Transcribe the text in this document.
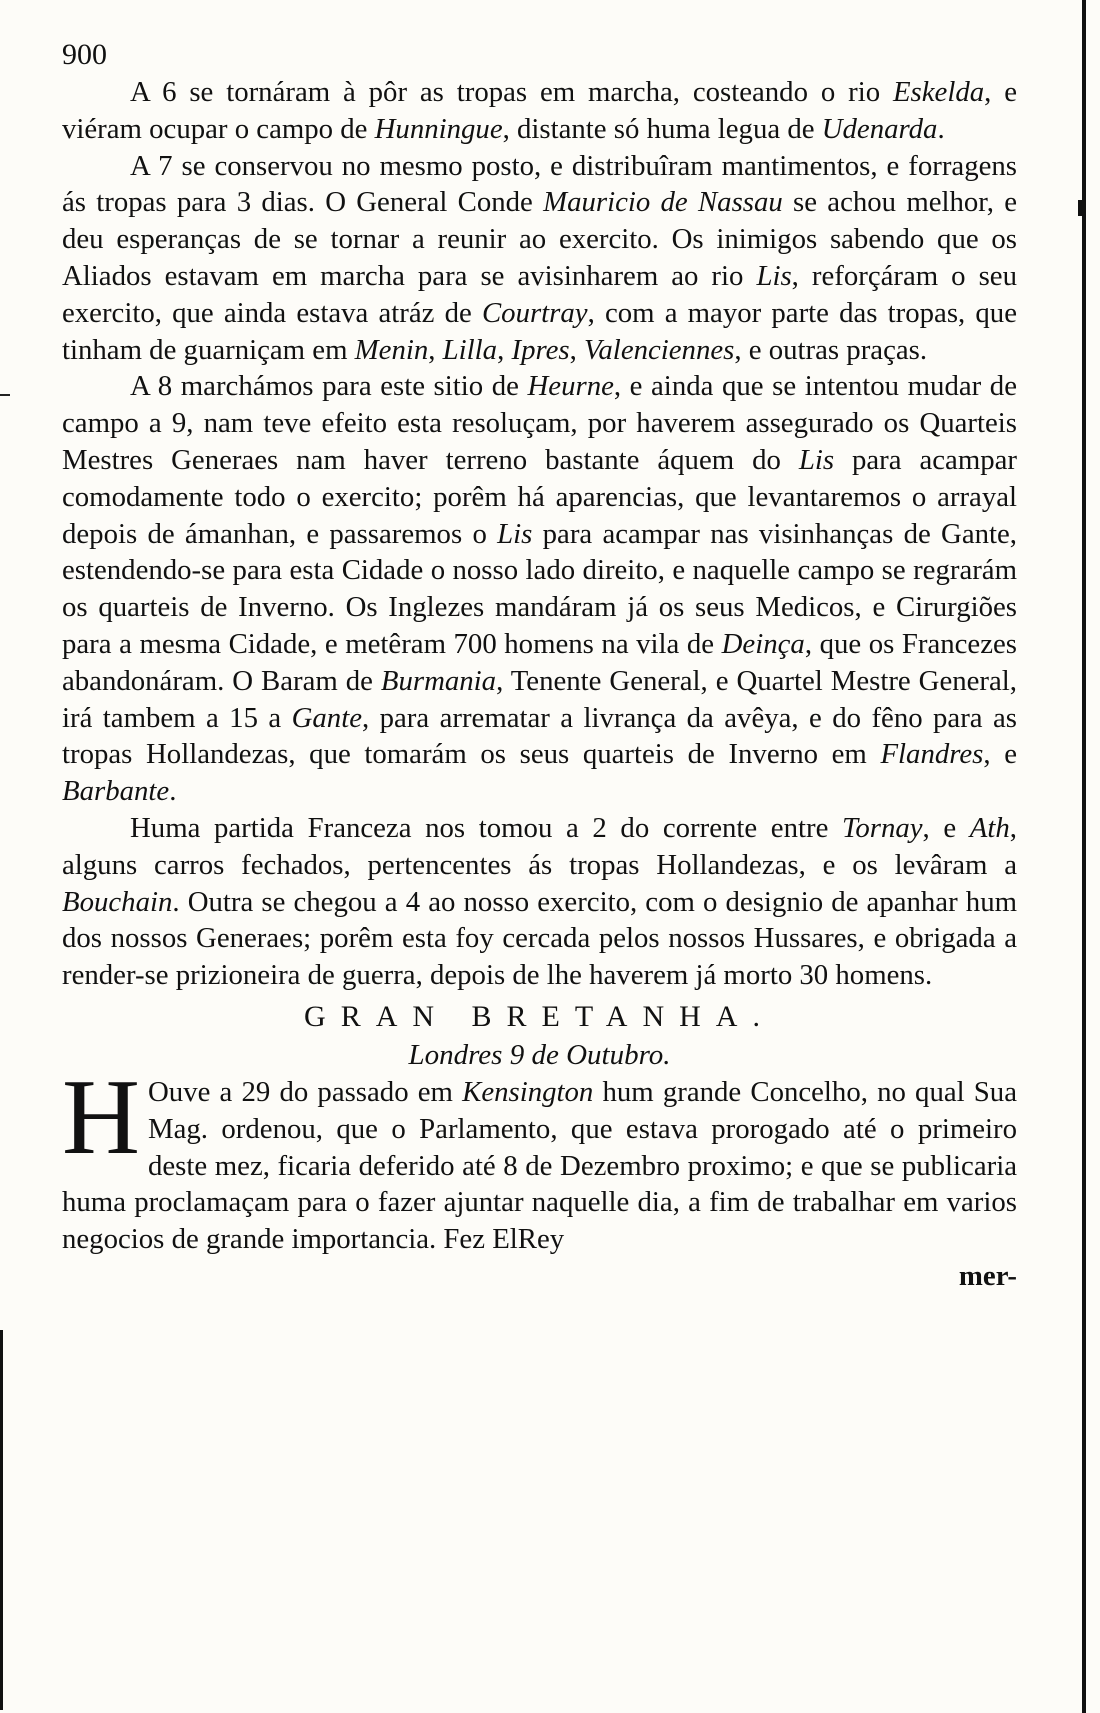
900

A 6 se tornáram à pôr as tropas em marcha, costeando o rio Eskelda, e viéram ocupar o campo de Hunningue, distante só huma legua de Udenarda.

A 7 se conservou no mesmo posto, e distribuîram mantimentos, e forragens ás tropas para 3 dias. O General Conde Mauricio de Nassau se achou melhor, e deu esperanças de se tornar a reunir ao exercito. Os inimigos sabendo que os Aliados estavam em marcha para se avisinharem ao rio Lis, reforçáram o seu exercito, que ainda estava atráz de Courtray, com a mayor parte das tropas, que tinham de guarniçam em Menin, Lilla, Ipres, Valenciennes, e outras praças.

A 8 marchámos para este sitio de Heurne, e ainda que se intentou mudar de campo a 9, nam teve efeito esta resoluçam, por haverem assegurado os Quarteis Mestres Generaes nam haver terreno bastante áquem do Lis para acampar comodamente todo o exercito; porêm há aparencias, que levantaremos o arrayal depois de ámanhan, e passaremos o Lis para acampar nas visinhanças de Gante, estendendo-se para esta Cidade o nosso lado direito, e naquelle campo se regrarám os quarteis de Inverno. Os Inglezes mandáram já os seus Medicos, e Cirurgiões para a mesma Cidade, e metêram 700 homens na vila de Deinça, que os Francezes abandonáram. O Baram de Burmania, Tenente General, e Quartel Mestre General, irá tambem a 15 a Gante, para arrematar a livrança da avêya, e do fêno para as tropas Hollandezas, que tomarám os seus quarteis de Inverno em Flandres, e Barbante.

Huma partida Franceza nos tomou a 2 do corrente entre Tornay, e Ath, alguns carros fechados, pertencentes ás tropas Hollandezas, e os levâram a Bouchain. Outra se chegou a 4 ao nosso exercito, com o designio de apanhar hum dos nossos Generaes; porêm esta foy cercada pelos nossos Hussares, e obrigada a render-se prizioneira de guerra, depois de lhe haverem já morto 30 homens.

GRAN BRETANHA.

Londres 9 de Outubro.

H Ouve a 29 do passado em Kensington hum grande Concelho, no qual Sua Mag. ordenou, que o Parlamento, que estava prorogado até o primeiro deste mez, ficaria deferido até 8 de Dezembro proximo; e que se publicaria huma proclamaçam para o fazer ajuntar naquelle dia, a fim de trabalhar em varios negocios de grande importancia. Fez ElRey

mer-
